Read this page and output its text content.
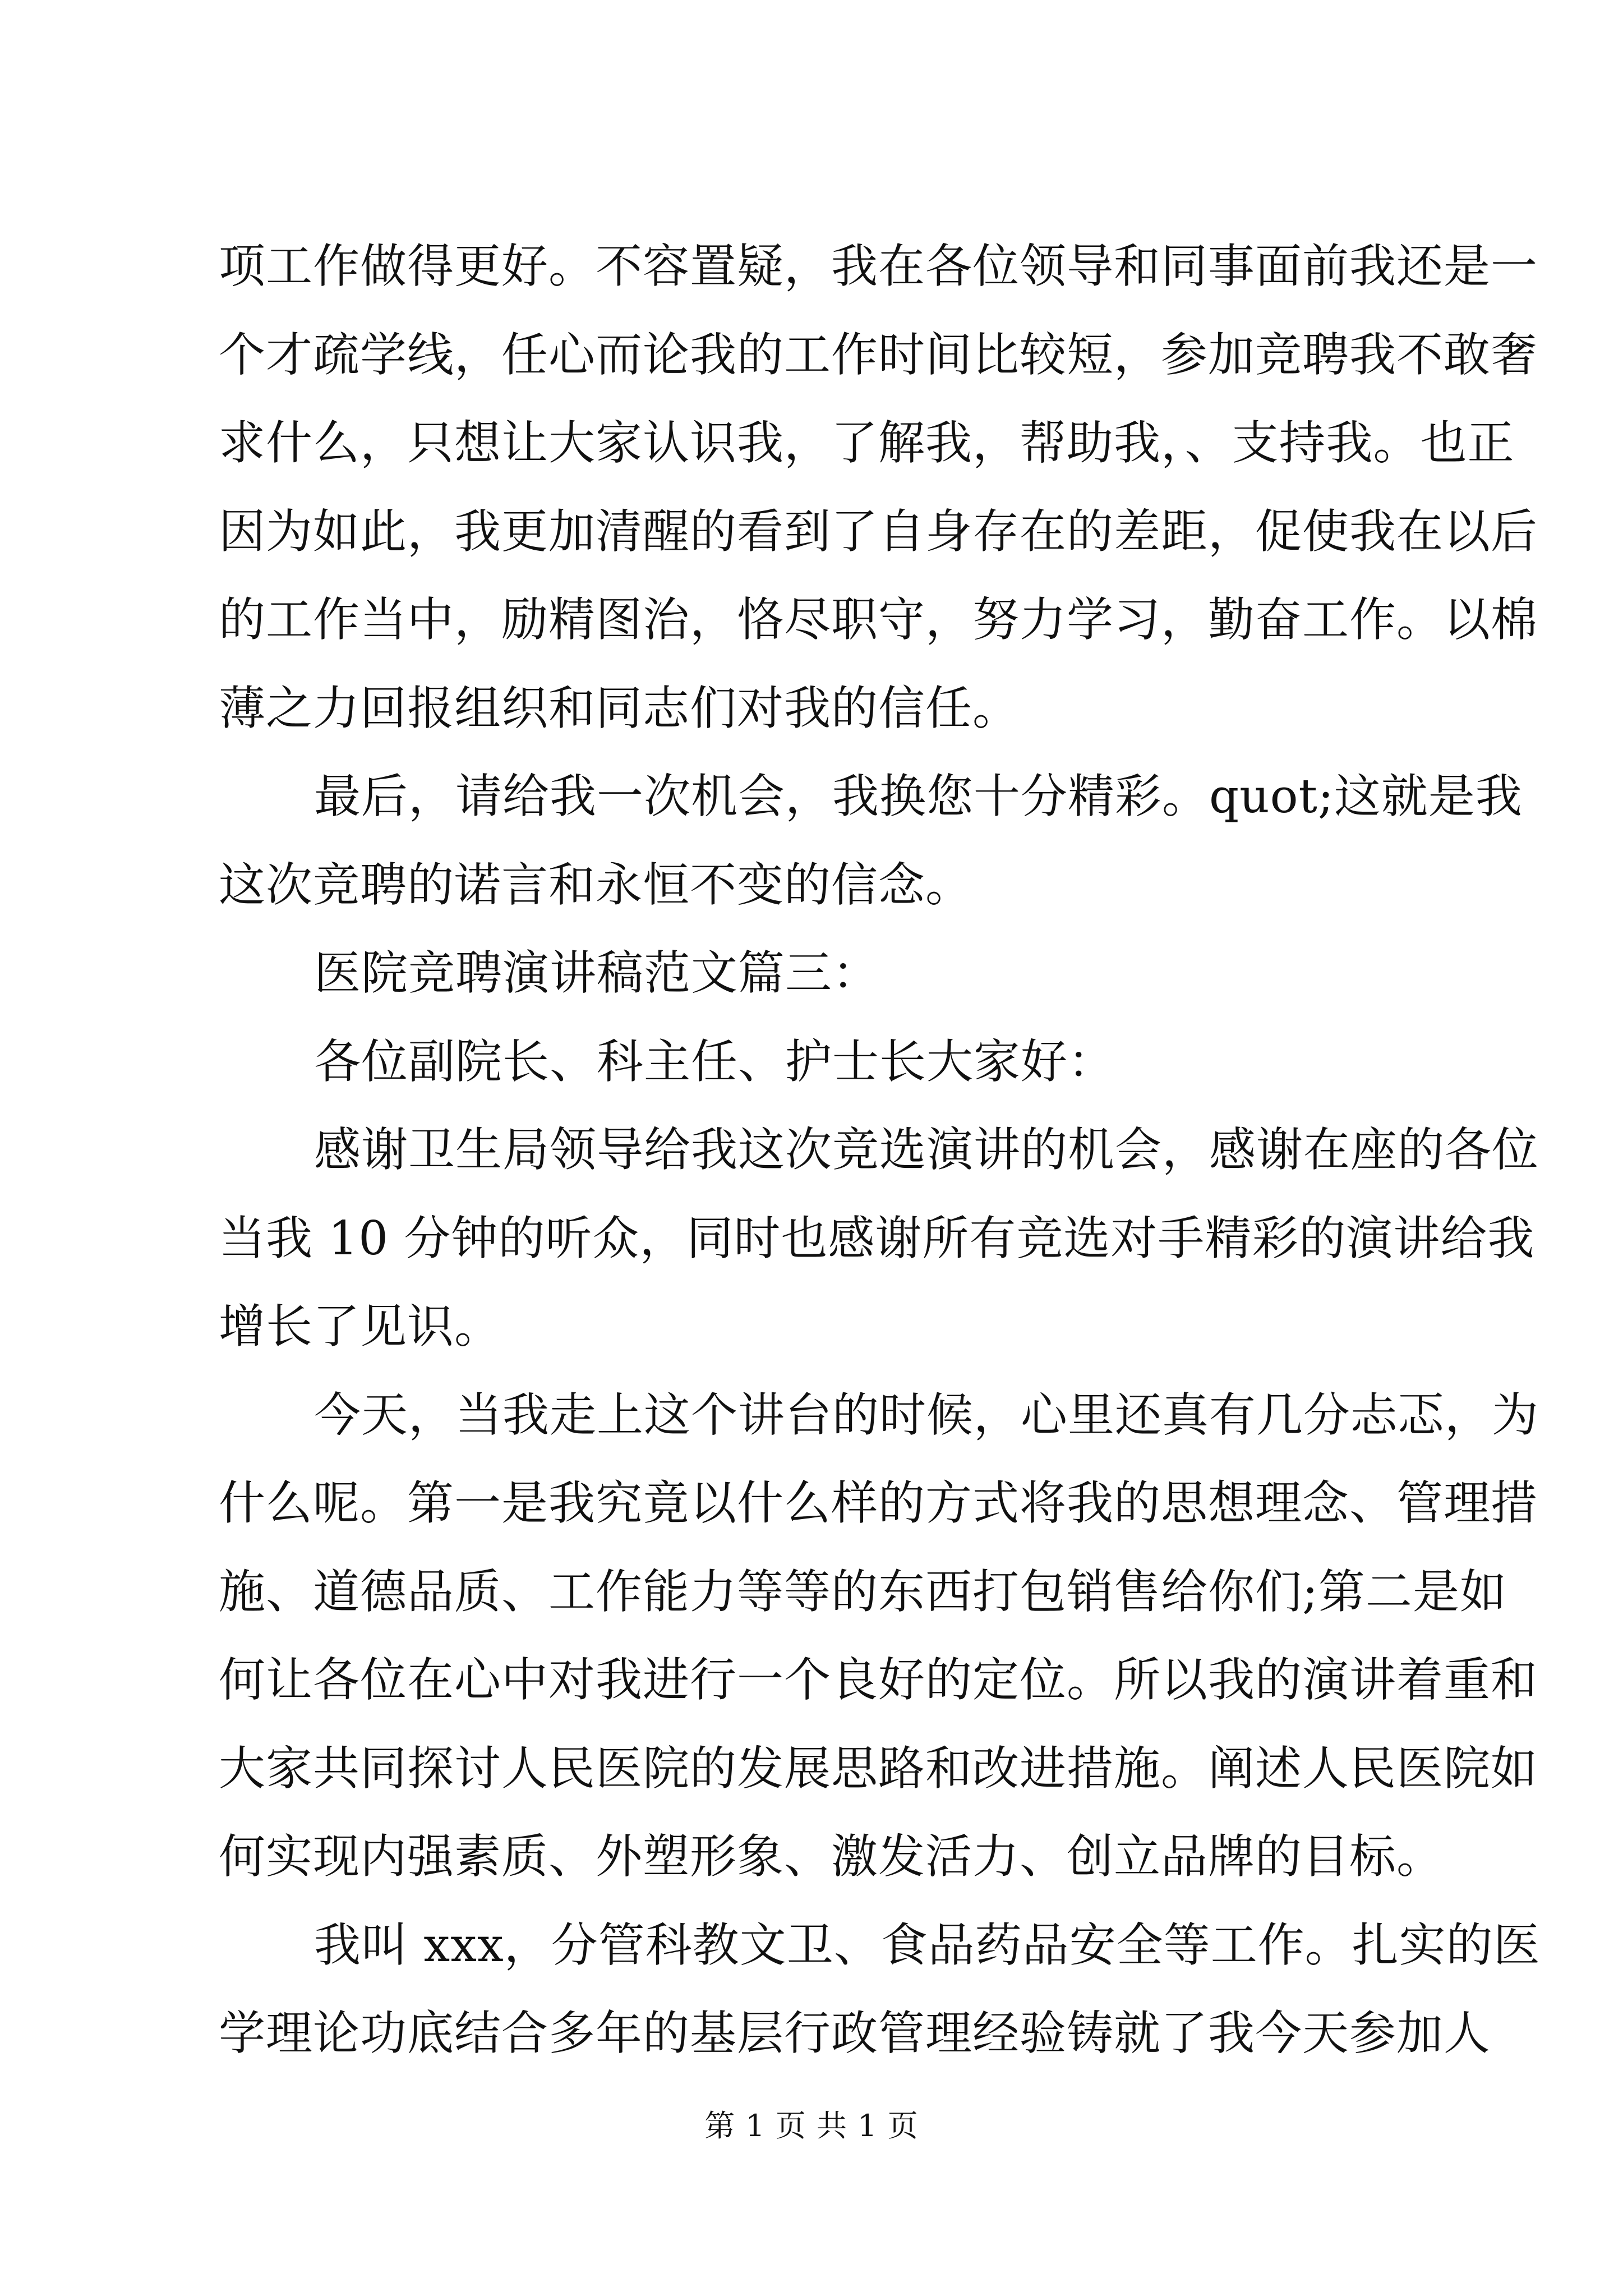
项工作做得更好。不容置疑，我在各位领导和同事面前我还是一
个才疏学线，任心而论我的工作时间比较短，参加竞聘我不敢奢
求什么，只想让大家认识我，了解我，帮助我，、支持我。也正
因为如此，我更加清醒的看到了自身存在的差距，促使我在以后
的工作当中，励精图治，恪尽职守，努力学习，勤奋工作。以棉
薄之力回报组织和同志们对我的信任。
最后，请给我一次机会，我换您十分精彩。quot;这就是我
这次竞聘的诺言和永恒不变的信念。
医院竞聘演讲稿范文篇三：
各位副院长、科主任、护士长大家好：
感谢卫生局领导给我这次竞选演讲的机会，感谢在座的各位
当我 10 分钟的听众，同时也感谢所有竞选对手精彩的演讲给我
增长了见识。
今天，当我走上这个讲台的时候，心里还真有几分忐忑，为
什么呢。第一是我究竟以什么样的方式将我的思想理念、管理措
施、道德品质、工作能力等等的东西打包销售给你们;第二是如
何让各位在心中对我进行一个良好的定位。所以我的演讲着重和
大家共同探讨人民医院的发展思路和改进措施。阐述人民医院如
何实现内强素质、外塑形象、激发活力、创立品牌的目标。
我叫 xxx，分管科教文卫、食品药品安全等工作。扎实的医
学理论功底结合多年的基层行政管理经验铸就了我今天参加人
第 1 页 共 1 页
